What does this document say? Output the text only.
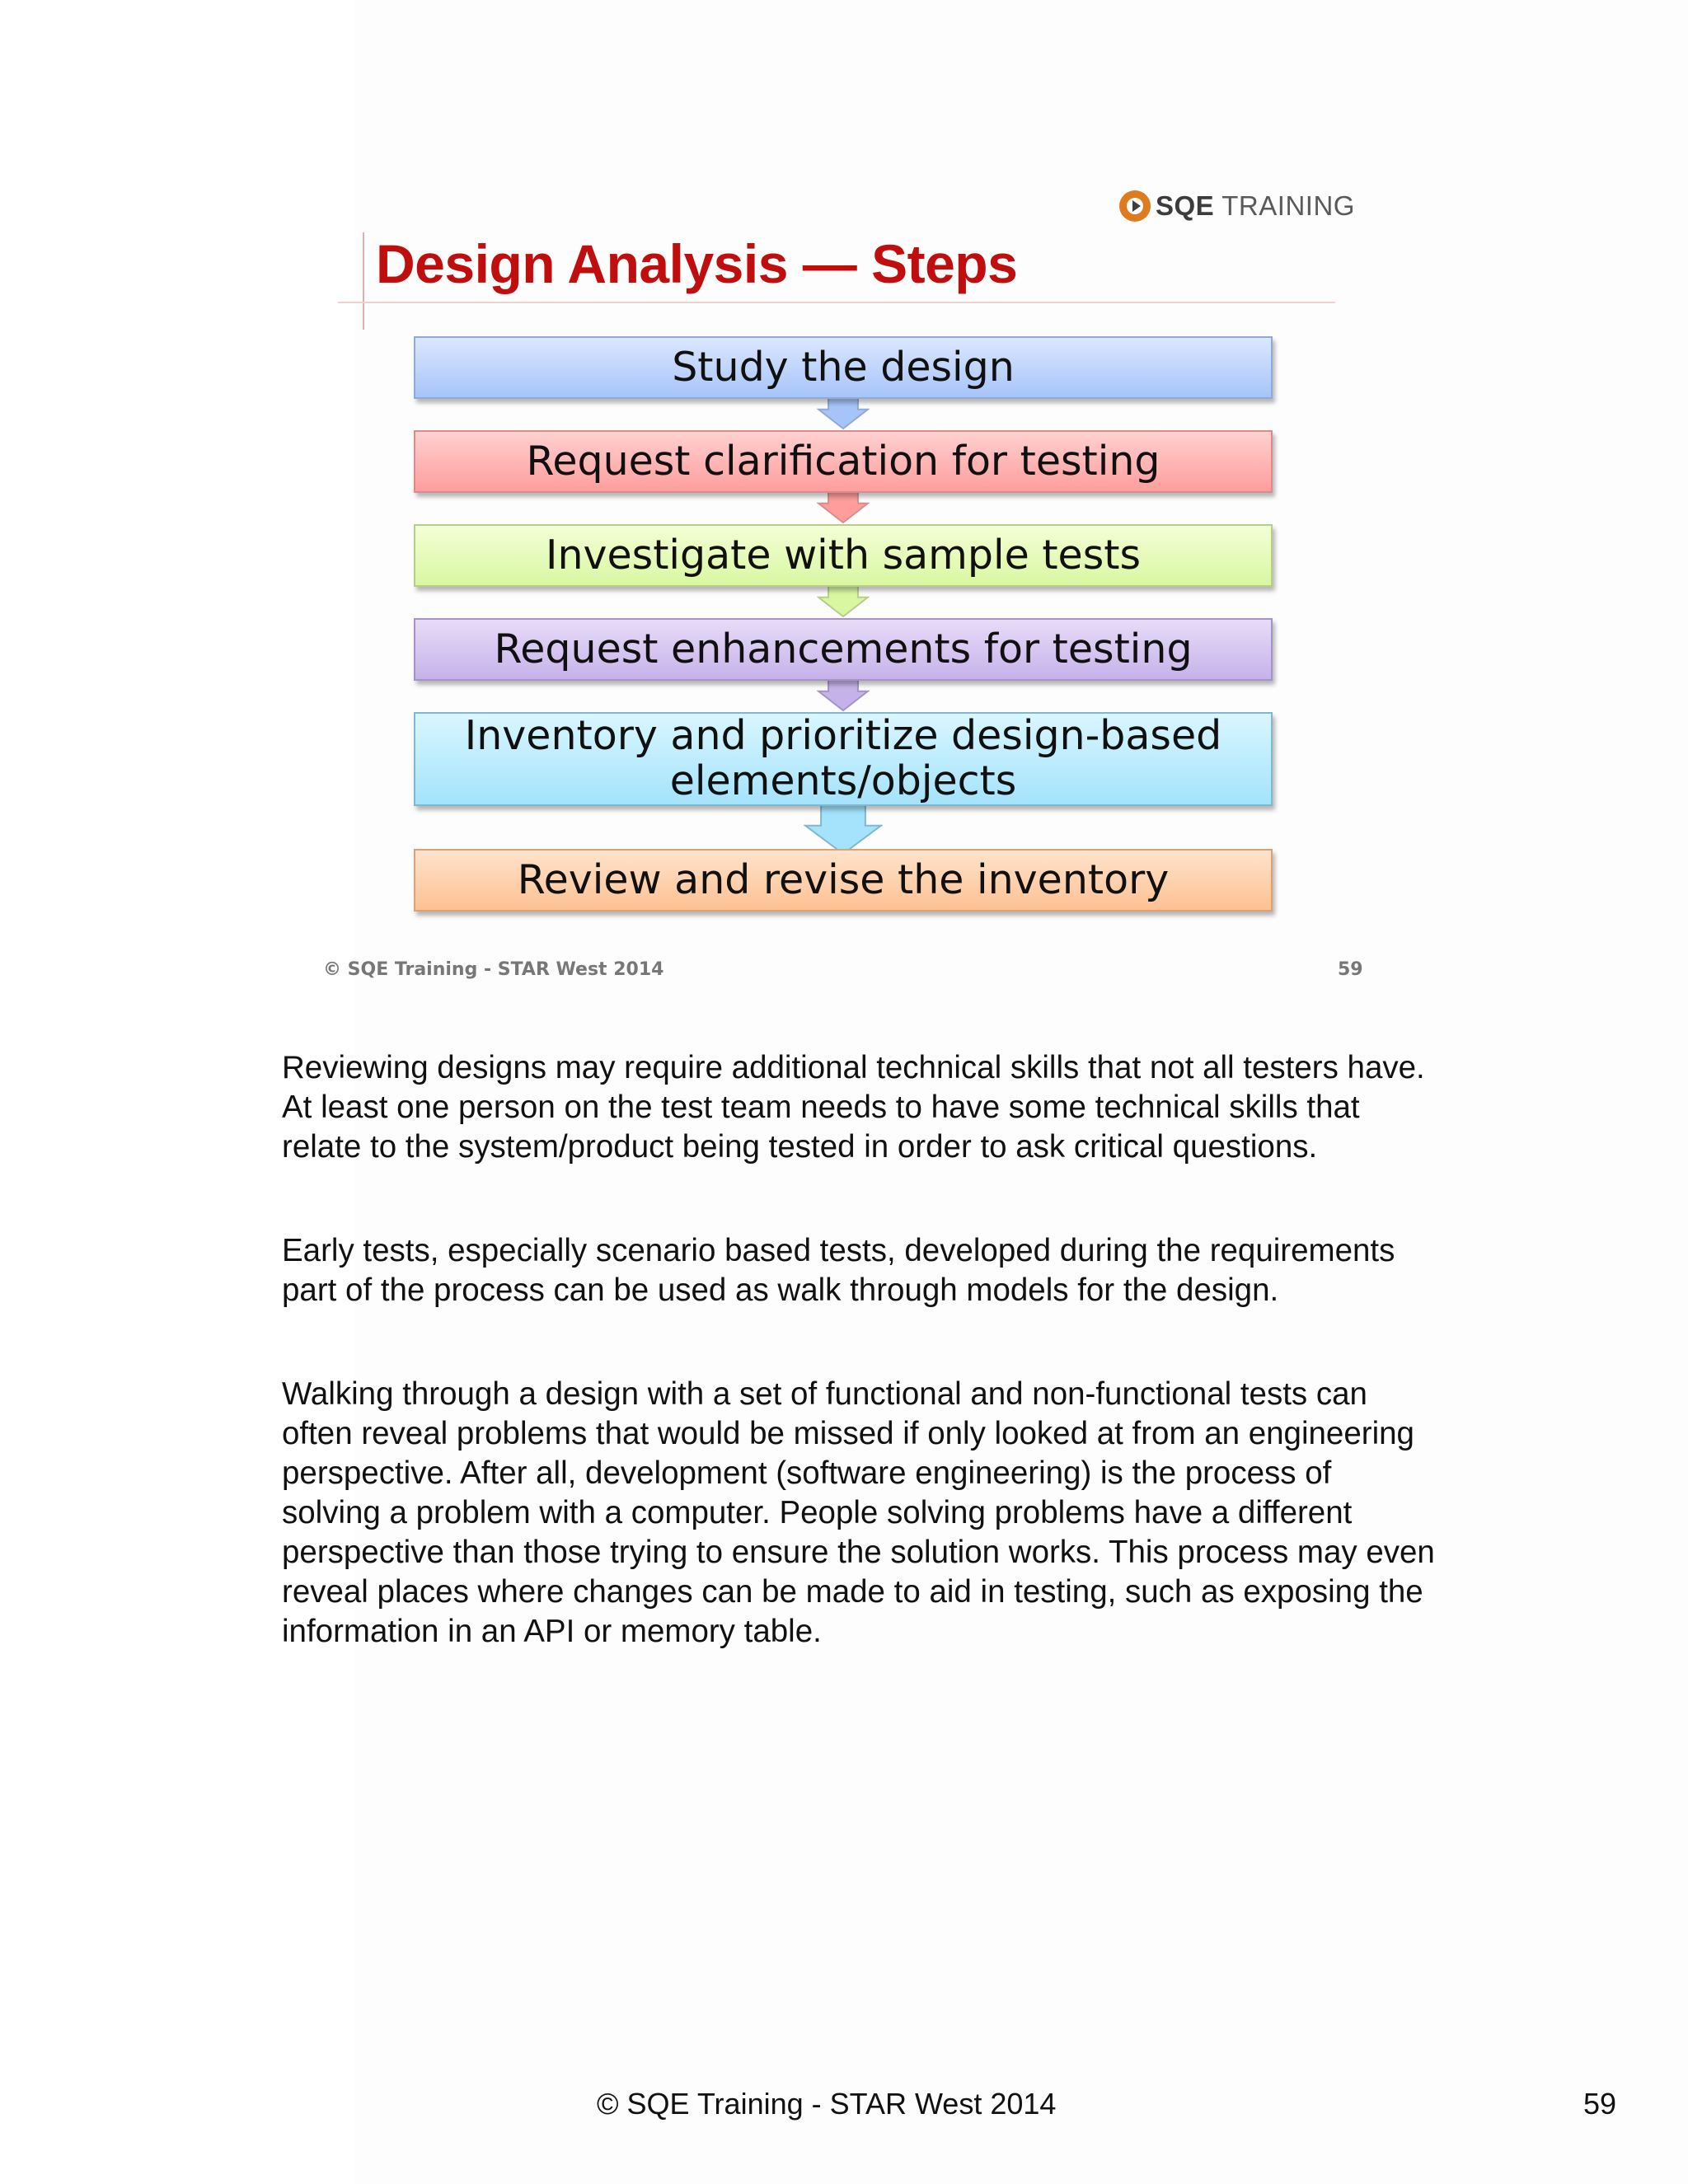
SQE TRAINING
Design Analysis — Steps
Study the design
Request clarification for testing
Investigate with sample tests
Request enhancements for testing
Inventory and prioritize design-based elements/objects
Review and revise the inventory
© SQE Training - STAR West 2014	59

Reviewing designs may require additional technical skills that not all testers have. At least one person on the test team needs to have some technical skills that relate to the system/product being tested in order to ask critical questions.

Early tests, especially scenario based tests, developed during the requirements part of the process can be used as walk through models for the design.

Walking through a design with a set of functional and non-functional tests can often reveal problems that would be missed if only looked at from an engineering perspective. After all, development (software engineering) is the process of solving a problem with a computer. People solving problems have a different perspective than those trying to ensure the solution works. This process may even reveal places where changes can be made to aid in testing, such as exposing the information in an API or memory table.

© SQE Training - STAR West 2014	59
